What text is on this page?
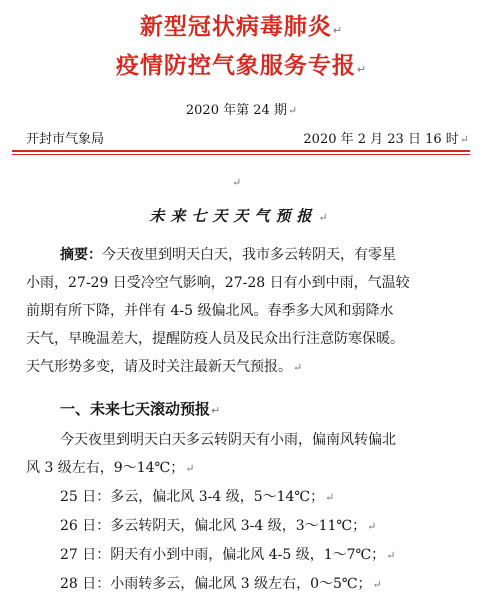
新型冠状病毒肺炎↵
疫情防控气象服务专报↵
2020 年第 24 期↵
开封市气象局	2020 年 2 月 23 日 16 时↵
↵
未来七天天气预报↵
摘要：今天夜里到明天白天，我市多云转阴天，有零星
小雨，27-29 日受冷空气影响，27-28 日有小到中雨，气温较
前期有所下降，并伴有 4-5 级偏北风。春季多大风和弱降水
天气，早晚温差大，提醒防疫人员及民众出行注意防寒保暖。
天气形势多变，请及时关注最新天气预报。↵
一、未来七天滚动预报↵
今天夜里到明天白天多云转阴天有小雨，偏南风转偏北
风 3 级左右，9～14℃；↵
25 日：多云，偏北风 3-4 级，5～14℃；↵
26 日：多云转阴天，偏北风 3-4 级，3～11℃；↵
27 日：阴天有小到中雨，偏北风 4-5 级，1～7℃；↵
28 日：小雨转多云，偏北风 3 级左右，0～5℃；↵
